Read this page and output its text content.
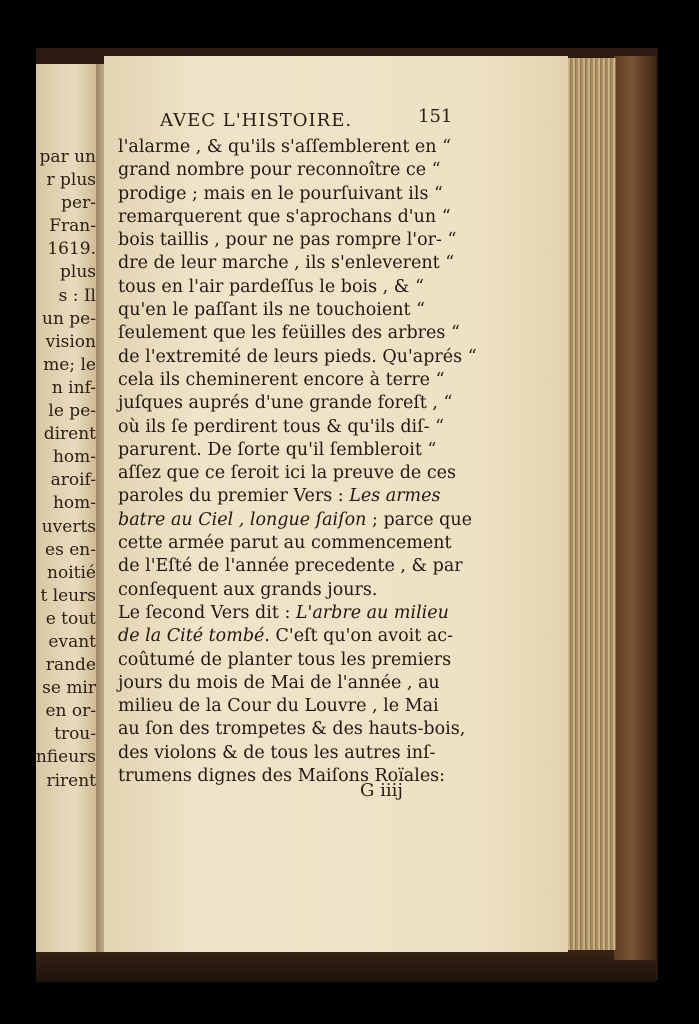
par un
r plus
per-
Fran-
1619.
plus
s : Il
un pe-
vision
me; le
n inf-
le pe-
dirent
hom-
aroif-
hom-
uverts
es en-
noitié
t leurs
e tout
evant
rande
se mir
en or-
trou-
nfieurs
rirent
AVEC L'HISTOIRE.	151
l'alarme , & qu'ils s'aſſemblerent en “
grand nombre pour reconnoître ce “
prodige ; mais en le pourſuivant ils “
remarquerent que s'aprochans d'un “
bois taillis , pour ne pas rompre l'or- “
dre de leur marche , ils s'enleverent “
tous en l'air pardeſſus le bois , & “
qu'en le paſſant ils ne touchoient “
ſeulement que les feüilles des arbres “
de l'extremité de leurs pieds. Qu'aprés “
cela ils cheminerent encore à terre “
juſques auprés d'une grande foreſt , “
où ils ſe perdirent tous & qu'ils diſ- “
parurent. De ſorte qu'il ſembleroit “
aſſez que ce ſeroit ici la preuve de ces
paroles du premier Vers : Les armes
batre au Ciel , longue ſaiſon ; parce que
cette armée parut au commencement
de l'Eſté de l'année precedente , & par
conſequent aux grands jours.
Le ſecond Vers dit : L'arbre au milieu
de la Cité tombé. C'eſt qu'on avoit ac-
coûtumé de planter tous les premiers
jours du mois de Mai de l'année , au
milieu de la Cour du Louvre , le Mai
au ſon des trompetes & des hauts-bois,
des violons & de tous les autres inſ-
trumens dignes des Maiſons Roïales:
G iiij
